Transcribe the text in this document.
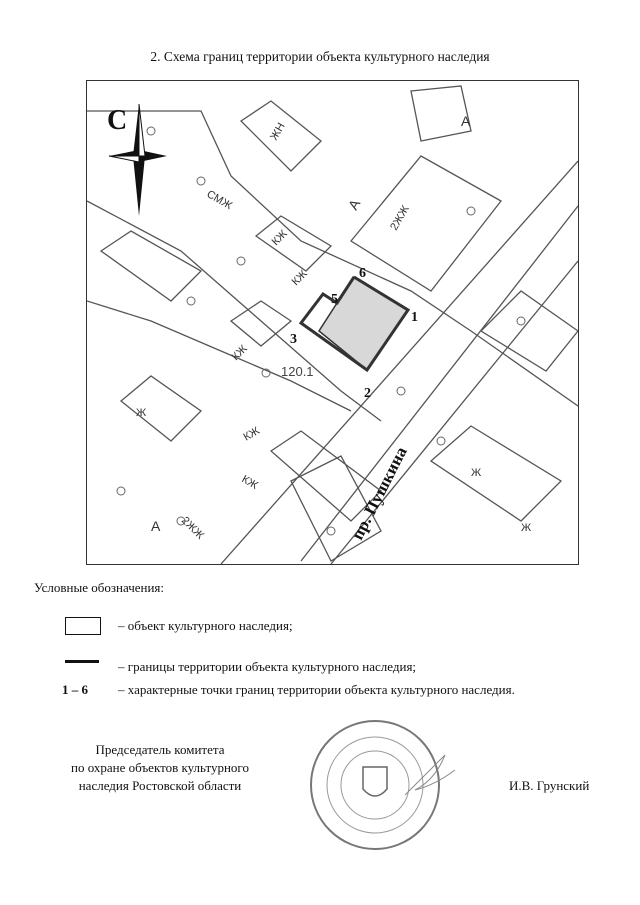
2. Схема границ территории объекта культурного наследия
2ЖЖ
2ЖЖ
КЖ
КЖ
КЖ
ЖН
СМЖ
Ж
Ж
КЖ
КЖ
Ж
А
А
А
1
2
3
5
6
120.1
пр. Пушкина
С
Условные обозначения:
– объект культурного наследия;
– границы территории объекта культурного наследия;
1 – 6 – характерные точки границ территории объекта культурного наследия.
Председатель комитета
по охране объектов культурного
наследия Ростовской области	И.В. Грунский
